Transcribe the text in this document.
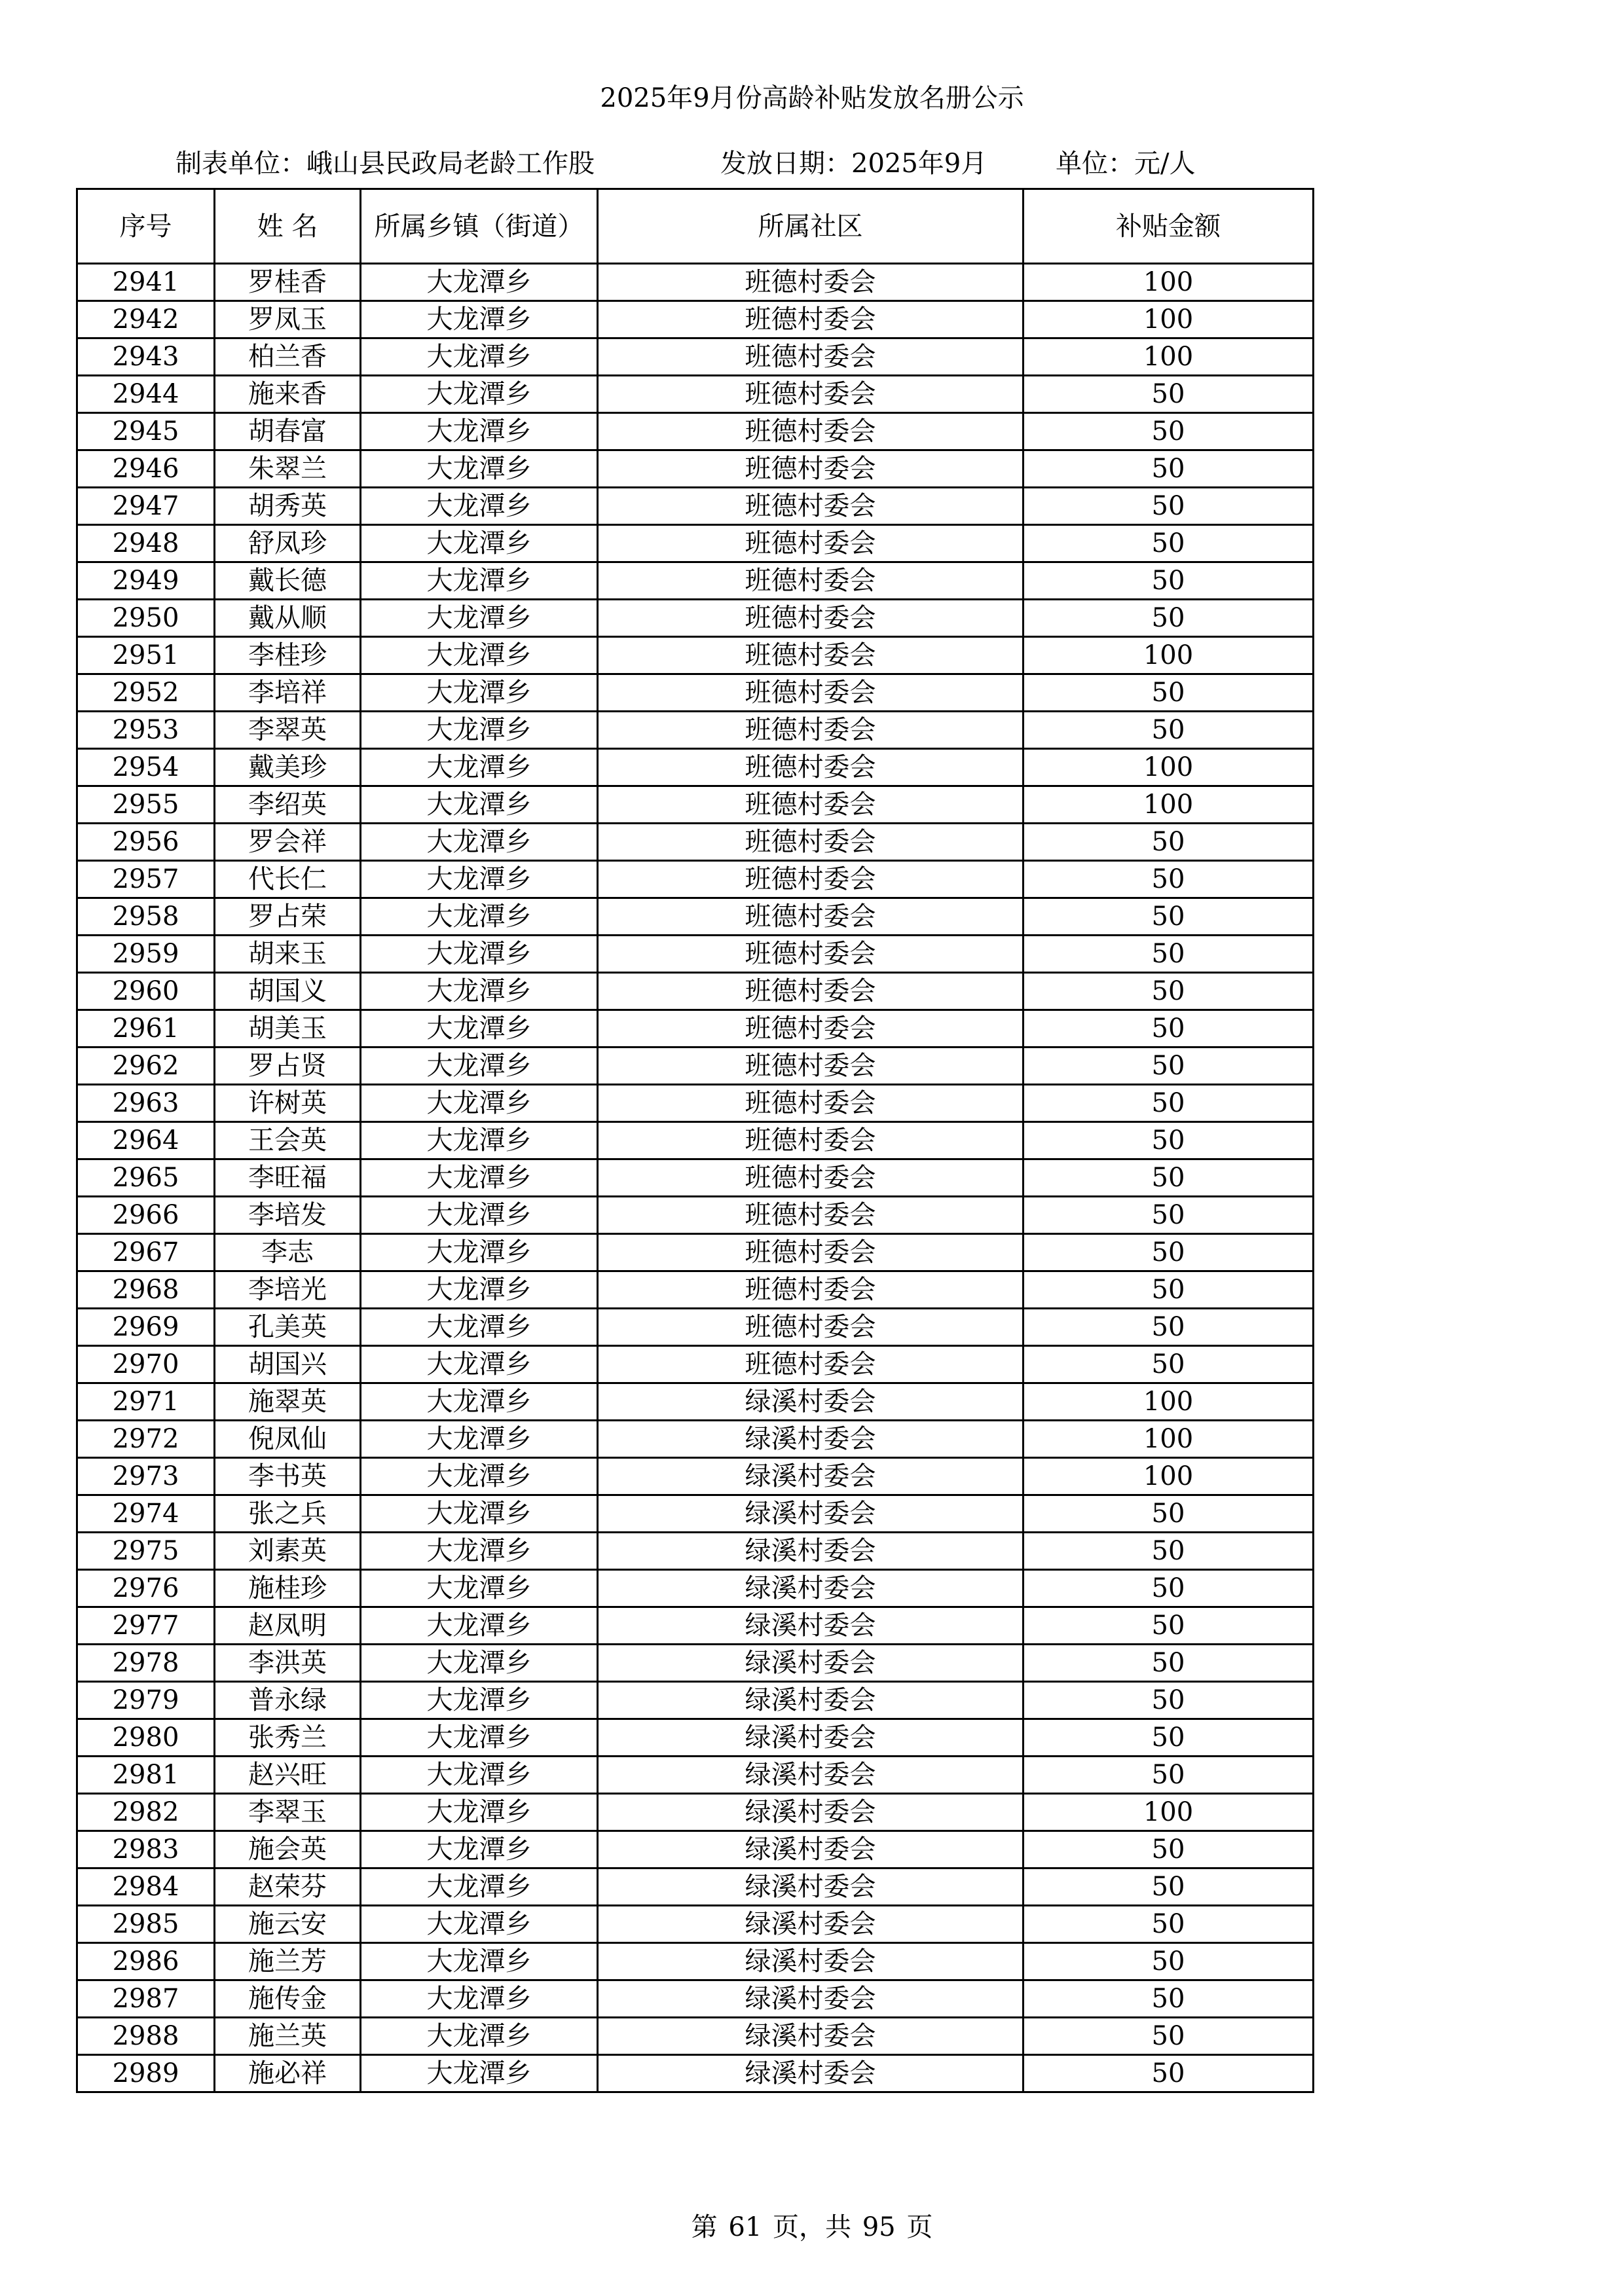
2025年9月份高龄补贴发放名册公示
制表单位：峨山县民政局老龄工作股	发放日期：2025年9月	单位：元/人
序号	姓 名	所属乡镇（街道）	所属社区	补贴金额
2941	罗桂香	大龙潭乡	班德村委会	100
2942	罗凤玉	大龙潭乡	班德村委会	100
2943	柏兰香	大龙潭乡	班德村委会	100
2944	施来香	大龙潭乡	班德村委会	50
2945	胡春富	大龙潭乡	班德村委会	50
2946	朱翠兰	大龙潭乡	班德村委会	50
2947	胡秀英	大龙潭乡	班德村委会	50
2948	舒凤珍	大龙潭乡	班德村委会	50
2949	戴长德	大龙潭乡	班德村委会	50
2950	戴从顺	大龙潭乡	班德村委会	50
2951	李桂珍	大龙潭乡	班德村委会	100
2952	李培祥	大龙潭乡	班德村委会	50
2953	李翠英	大龙潭乡	班德村委会	50
2954	戴美珍	大龙潭乡	班德村委会	100
2955	李绍英	大龙潭乡	班德村委会	100
2956	罗会祥	大龙潭乡	班德村委会	50
2957	代长仁	大龙潭乡	班德村委会	50
2958	罗占荣	大龙潭乡	班德村委会	50
2959	胡来玉	大龙潭乡	班德村委会	50
2960	胡国义	大龙潭乡	班德村委会	50
2961	胡美玉	大龙潭乡	班德村委会	50
2962	罗占贤	大龙潭乡	班德村委会	50
2963	许树英	大龙潭乡	班德村委会	50
2964	王会英	大龙潭乡	班德村委会	50
2965	李旺福	大龙潭乡	班德村委会	50
2966	李培发	大龙潭乡	班德村委会	50
2967	李志	大龙潭乡	班德村委会	50
2968	李培光	大龙潭乡	班德村委会	50
2969	孔美英	大龙潭乡	班德村委会	50
2970	胡国兴	大龙潭乡	班德村委会	50
2971	施翠英	大龙潭乡	绿溪村委会	100
2972	倪凤仙	大龙潭乡	绿溪村委会	100
2973	李书英	大龙潭乡	绿溪村委会	100
2974	张之兵	大龙潭乡	绿溪村委会	50
2975	刘素英	大龙潭乡	绿溪村委会	50
2976	施桂珍	大龙潭乡	绿溪村委会	50
2977	赵凤明	大龙潭乡	绿溪村委会	50
2978	李洪英	大龙潭乡	绿溪村委会	50
2979	普永绿	大龙潭乡	绿溪村委会	50
2980	张秀兰	大龙潭乡	绿溪村委会	50
2981	赵兴旺	大龙潭乡	绿溪村委会	50
2982	李翠玉	大龙潭乡	绿溪村委会	100
2983	施会英	大龙潭乡	绿溪村委会	50
2984	赵荣芬	大龙潭乡	绿溪村委会	50
2985	施云安	大龙潭乡	绿溪村委会	50
2986	施兰芳	大龙潭乡	绿溪村委会	50
2987	施传金	大龙潭乡	绿溪村委会	50
2988	施兰英	大龙潭乡	绿溪村委会	50
2989	施必祥	大龙潭乡	绿溪村委会	50
第 61 页，共 95 页
